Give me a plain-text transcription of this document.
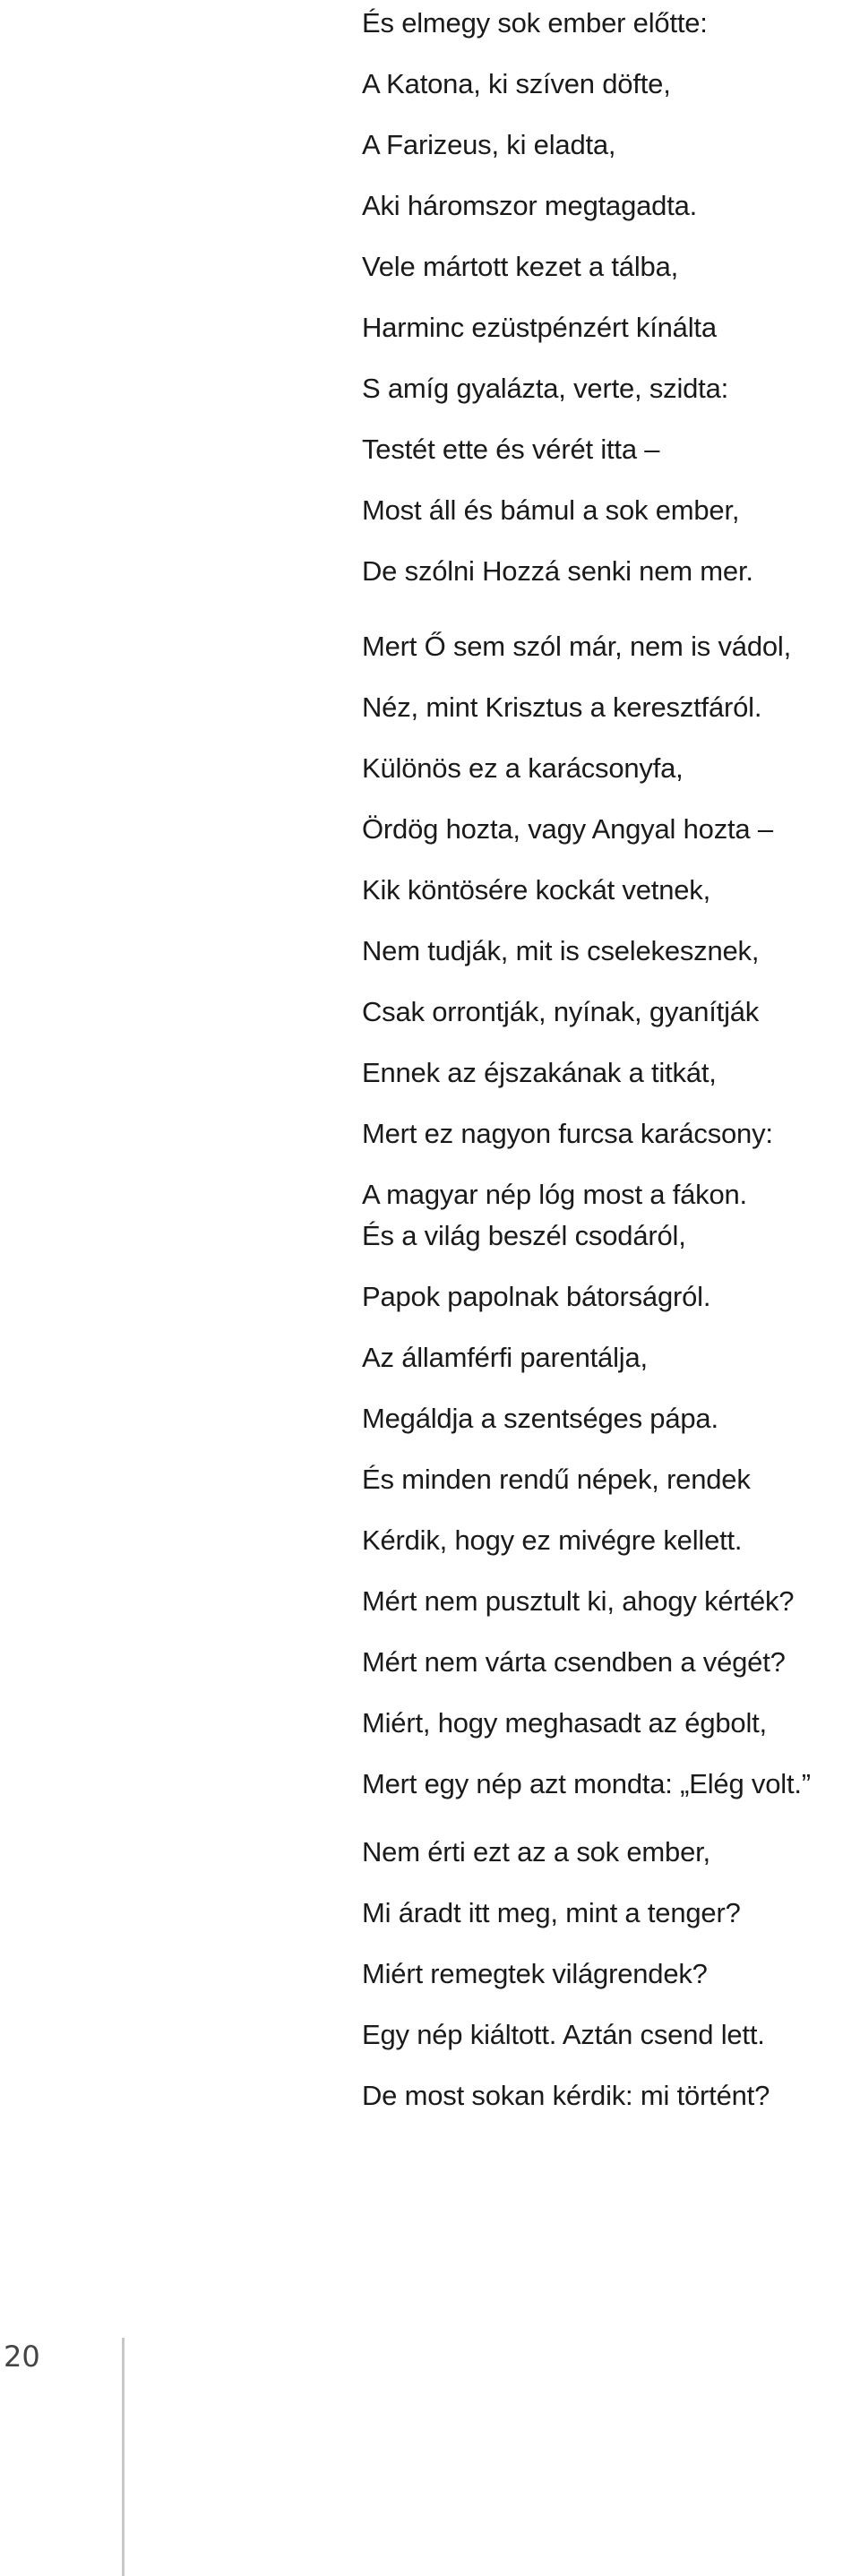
És elmegy sok ember előtte:
A Katona, ki szíven döfte,
A Farizeus, ki eladta,
Aki háromszor megtagadta.
Vele mártott kezet a tálba,
Harminc ezüstpénzért kínálta
S amíg gyalázta, verte, szidta:
Testét ette és vérét itta –
Most áll és bámul a sok ember,
De szólni Hozzá senki nem mer.
Mert Ő sem szól már, nem is vádol,
Néz, mint Krisztus a keresztfáról.
Különös ez a karácsonyfa,
Ördög hozta, vagy Angyal hozta –
Kik köntösére kockát vetnek,
Nem tudják, mit is cselekesznek,
Csak orrontják, nyínak, gyanítják
Ennek az éjszakának a titkát,
Mert ez nagyon furcsa karácsony:
A magyar nép lóg most a fákon.
És a világ beszél csodáról,
Papok papolnak bátorságról.
Az államférfi parentálja,
Megáldja a szentséges pápa.
És minden rendű népek, rendek
Kérdik, hogy ez mivégre kellett.
Mért nem pusztult ki, ahogy kérték?
Mért nem várta csendben a végét?
Miért, hogy meghasadt az égbolt,
Mert egy nép azt mondta: „Elég volt.”
Nem érti ezt az a sok ember,
Mi áradt itt meg, mint a tenger?
Miért remegtek világrendek?
Egy nép kiáltott. Aztán csend lett.
De most sokan kérdik: mi történt?
20
